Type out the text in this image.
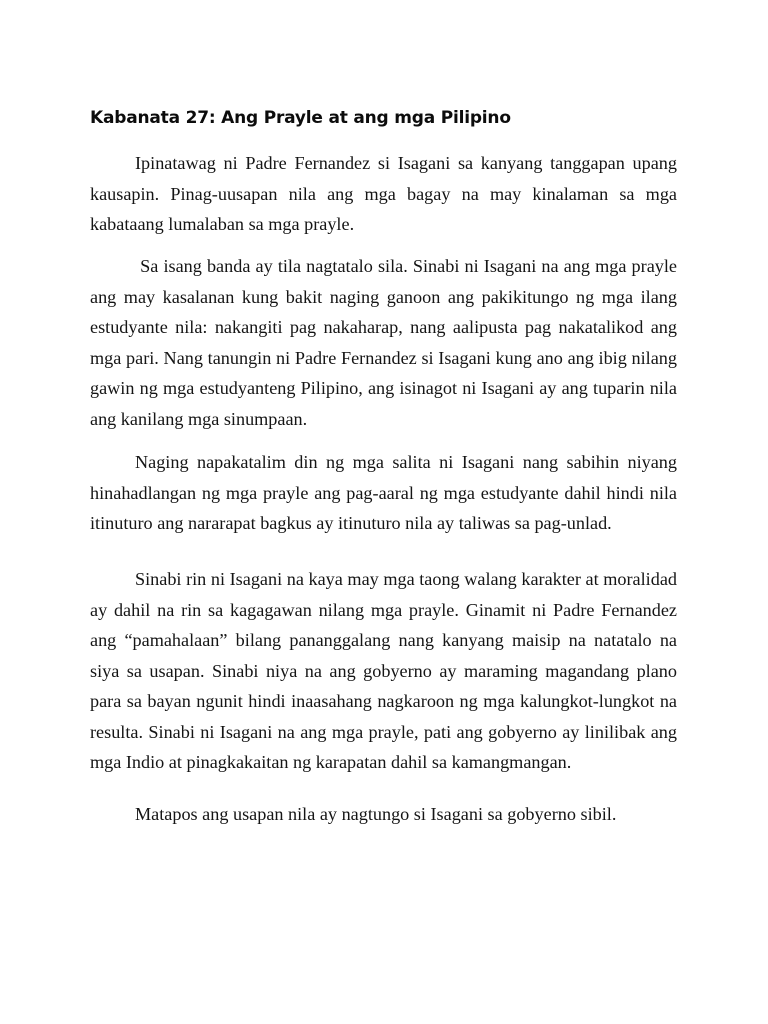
Kabanata 27: Ang Prayle at ang mga Pilipino

Ipinatawag ni Padre Fernandez si Isagani sa kanyang tanggapan upang kausapin. Pinag-uusapan nila ang mga bagay na may kinalaman sa mga kabataang lumalaban sa mga prayle.

Sa isang banda ay tila nagtatalo sila. Sinabi ni Isagani na ang mga prayle ang may kasalanan kung bakit naging ganoon ang pakikitungo ng mga ilang estudyante nila: nakangiti pag nakaharap, nang aalipusta pag nakatalikod ang mga pari. Nang tanungin ni Padre Fernandez si Isagani kung ano ang ibig nilang gawin ng mga estudyanteng Pilipino, ang isinagot ni Isagani ay ang tuparin nila ang kanilang mga sinumpaan.

Naging napakatalim din ng mga salita ni Isagani nang sabihin niyang hinahadlangan ng mga prayle ang pag-aaral ng mga estudyante dahil hindi nila itinuturo ang nararapat bagkus ay itinuturo nila ay taliwas sa pag-unlad.

Sinabi rin ni Isagani na kaya may mga taong walang karakter at moralidad ay dahil na rin sa kagagawan nilang mga prayle. Ginamit ni Padre Fernandez ang “pamahalaan” bilang pananggalang nang kanyang maisip na natatalo na siya sa usapan. Sinabi niya na ang gobyerno ay maraming magandang plano para sa bayan ngunit hindi inaasahang nagkaroon ng mga kalungkot-lungkot na resulta. Sinabi ni Isagani na ang mga prayle, pati ang gobyerno ay linilibak ang mga Indio at pinagkakaitan ng karapatan dahil sa kamangmangan.

Matapos ang usapan nila ay nagtungo si Isagani sa gobyerno sibil.
